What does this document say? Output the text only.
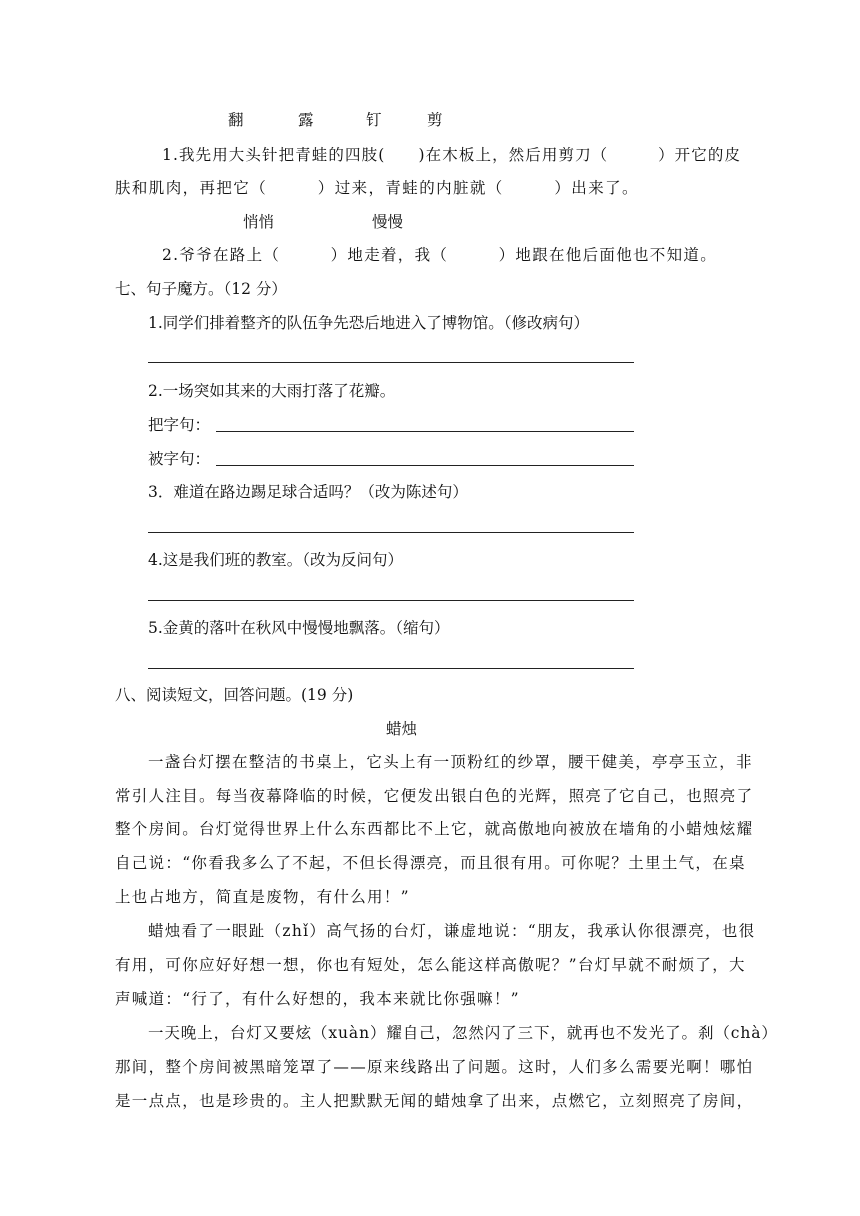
翻	露	钉	剪
1.我先用大头针把青蛙的四肢(　　)在木板上，然后用剪刀（　　　）开它的皮
肤和肌肉，再把它（　　　）过来，青蛙的内脏就（　　　）出来了。
悄悄	慢慢
2.爷爷在路上（　　　）地走着，我（　　　）地跟在他后面他也不知道。
七、句子魔方。（12 分）
1.同学们排着整齐的队伍争先恐后地进入了博物馆。（修改病句）
2.一场突如其来的大雨打落了花瓣。
把字句：
被字句：
3．难道在路边踢足球合适吗？（改为陈述句）
4.这是我们班的教室。（改为反问句）
5.金黄的落叶在秋风中慢慢地飘落。（缩句）
八、阅读短文，回答问题。(19 分)
蜡烛
一盏台灯摆在整洁的书桌上，它头上有一顶粉红的纱罩，腰干健美，亭亭玉立，非
常引人注目。每当夜幕降临的时候，它便发出银白色的光辉，照亮了它自己，也照亮了
整个房间。台灯觉得世界上什么东西都比不上它，就高傲地向被放在墙角的小蜡烛炫耀
自己说：“你看我多么了不起，不但长得漂亮，而且很有用。可你呢？土里土气，在桌
上也占地方，简直是废物，有什么用！”
蜡烛看了一眼趾（zhǐ）高气扬的台灯，谦虚地说：“朋友，我承认你很漂亮，也很
有用，可你应好好想一想，你也有短处，怎么能这样高傲呢？”台灯早就不耐烦了，大
声喊道：“行了，有什么好想的，我本来就比你强嘛！”
一天晚上，台灯又要炫（xuàn）耀自己，忽然闪了三下，就再也不发光了。刹（chà）
那间，整个房间被黑暗笼罩了——原来线路出了问题。这时，人们多么需要光啊！哪怕
是一点点，也是珍贵的。主人把默默无闻的蜡烛拿了出来，点燃它，立刻照亮了房间，
